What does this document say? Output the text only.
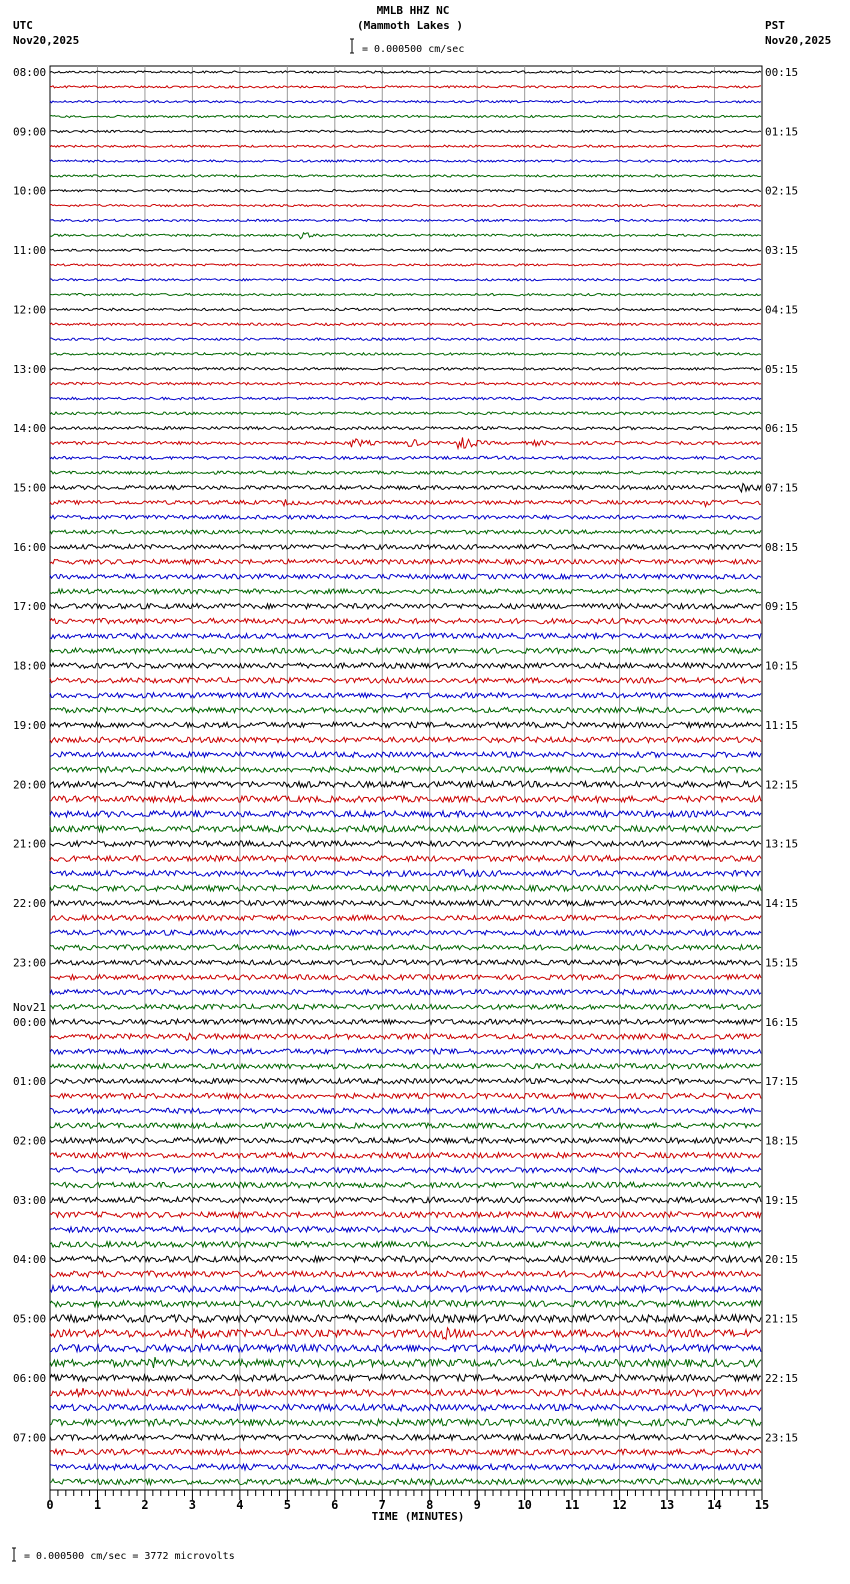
MMLB HHZ NC
(Mammoth Lakes )
UTC
Nov20,2025
PST
Nov20,2025
= 0.000500 cm/sec
08:00	00:15
09:00	01:15
10:00	02:15
11:00	03:15
12:00	04:15
13:00	05:15
14:00	06:15
15:00	07:15
16:00	08:15
17:00	09:15
18:00	10:15
19:00	11:15
20:00	12:15
21:00	13:15
22:00	14:15
23:00	15:15
00:00	16:15
Nov21
01:00	17:15
02:00	18:15
03:00	19:15
04:00	20:15
05:00	21:15
06:00	22:15
07:00	23:15
0	1	2	3	4	5	6	7	8	9	10	11	12	13	14	15
TIME (MINUTES)
= 0.000500 cm/sec = 3772 microvolts
